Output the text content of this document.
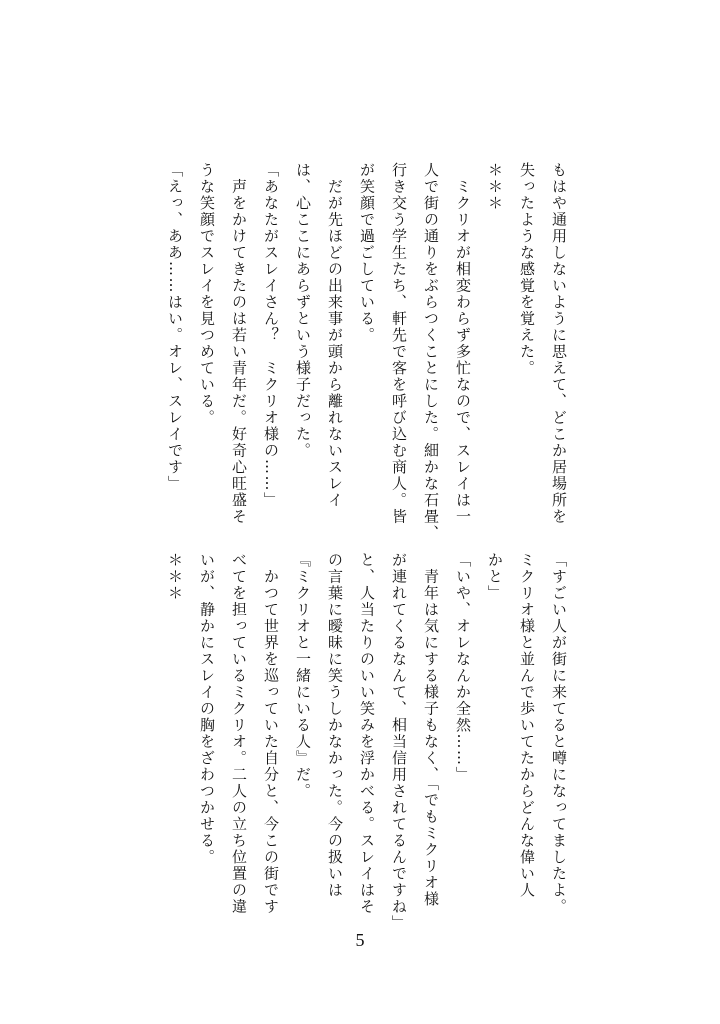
もはや通用しないように思えて、どこか居場所を
失ったような感覚を覚えた。
＊＊＊
　ミクリオが相変わらず多忙なので、スレイは一
人で街の通りをぶらつくことにした。細かな石畳、
行き交う学生たち、軒先で客を呼び込む商人。皆
が笑顔で過ごしている。
　だが先ほどの出来事が頭から離れないスレイ
は、心ここにあらずという様子だった。
「あなたがスレイさん？　ミクリオ様の……」
　声をかけてきたのは若い青年だ。好奇心旺盛そ
うな笑顔でスレイを見つめている。
「えっ、ああ……はい。オレ、スレイです」
「すごい人が街に来てると噂になってましたよ。
ミクリオ様と並んで歩いてたからどんな偉い人
かと」
「いや、オレなんか全然……」
　青年は気にする様子もなく、「でもミクリオ様
が連れてくるなんて、相当信用されてるんですね」
と、人当たりのいい笑みを浮かべる。スレイはそ
の言葉に曖昧に笑うしかなかった。今の扱いは
『ミクリオと一緒にいる人』だ。
　かつて世界を巡っていた自分と、今この街です
べてを担っているミクリオ。二人の立ち位置の違
いが、静かにスレイの胸をざわつかせる。
＊＊＊
5
